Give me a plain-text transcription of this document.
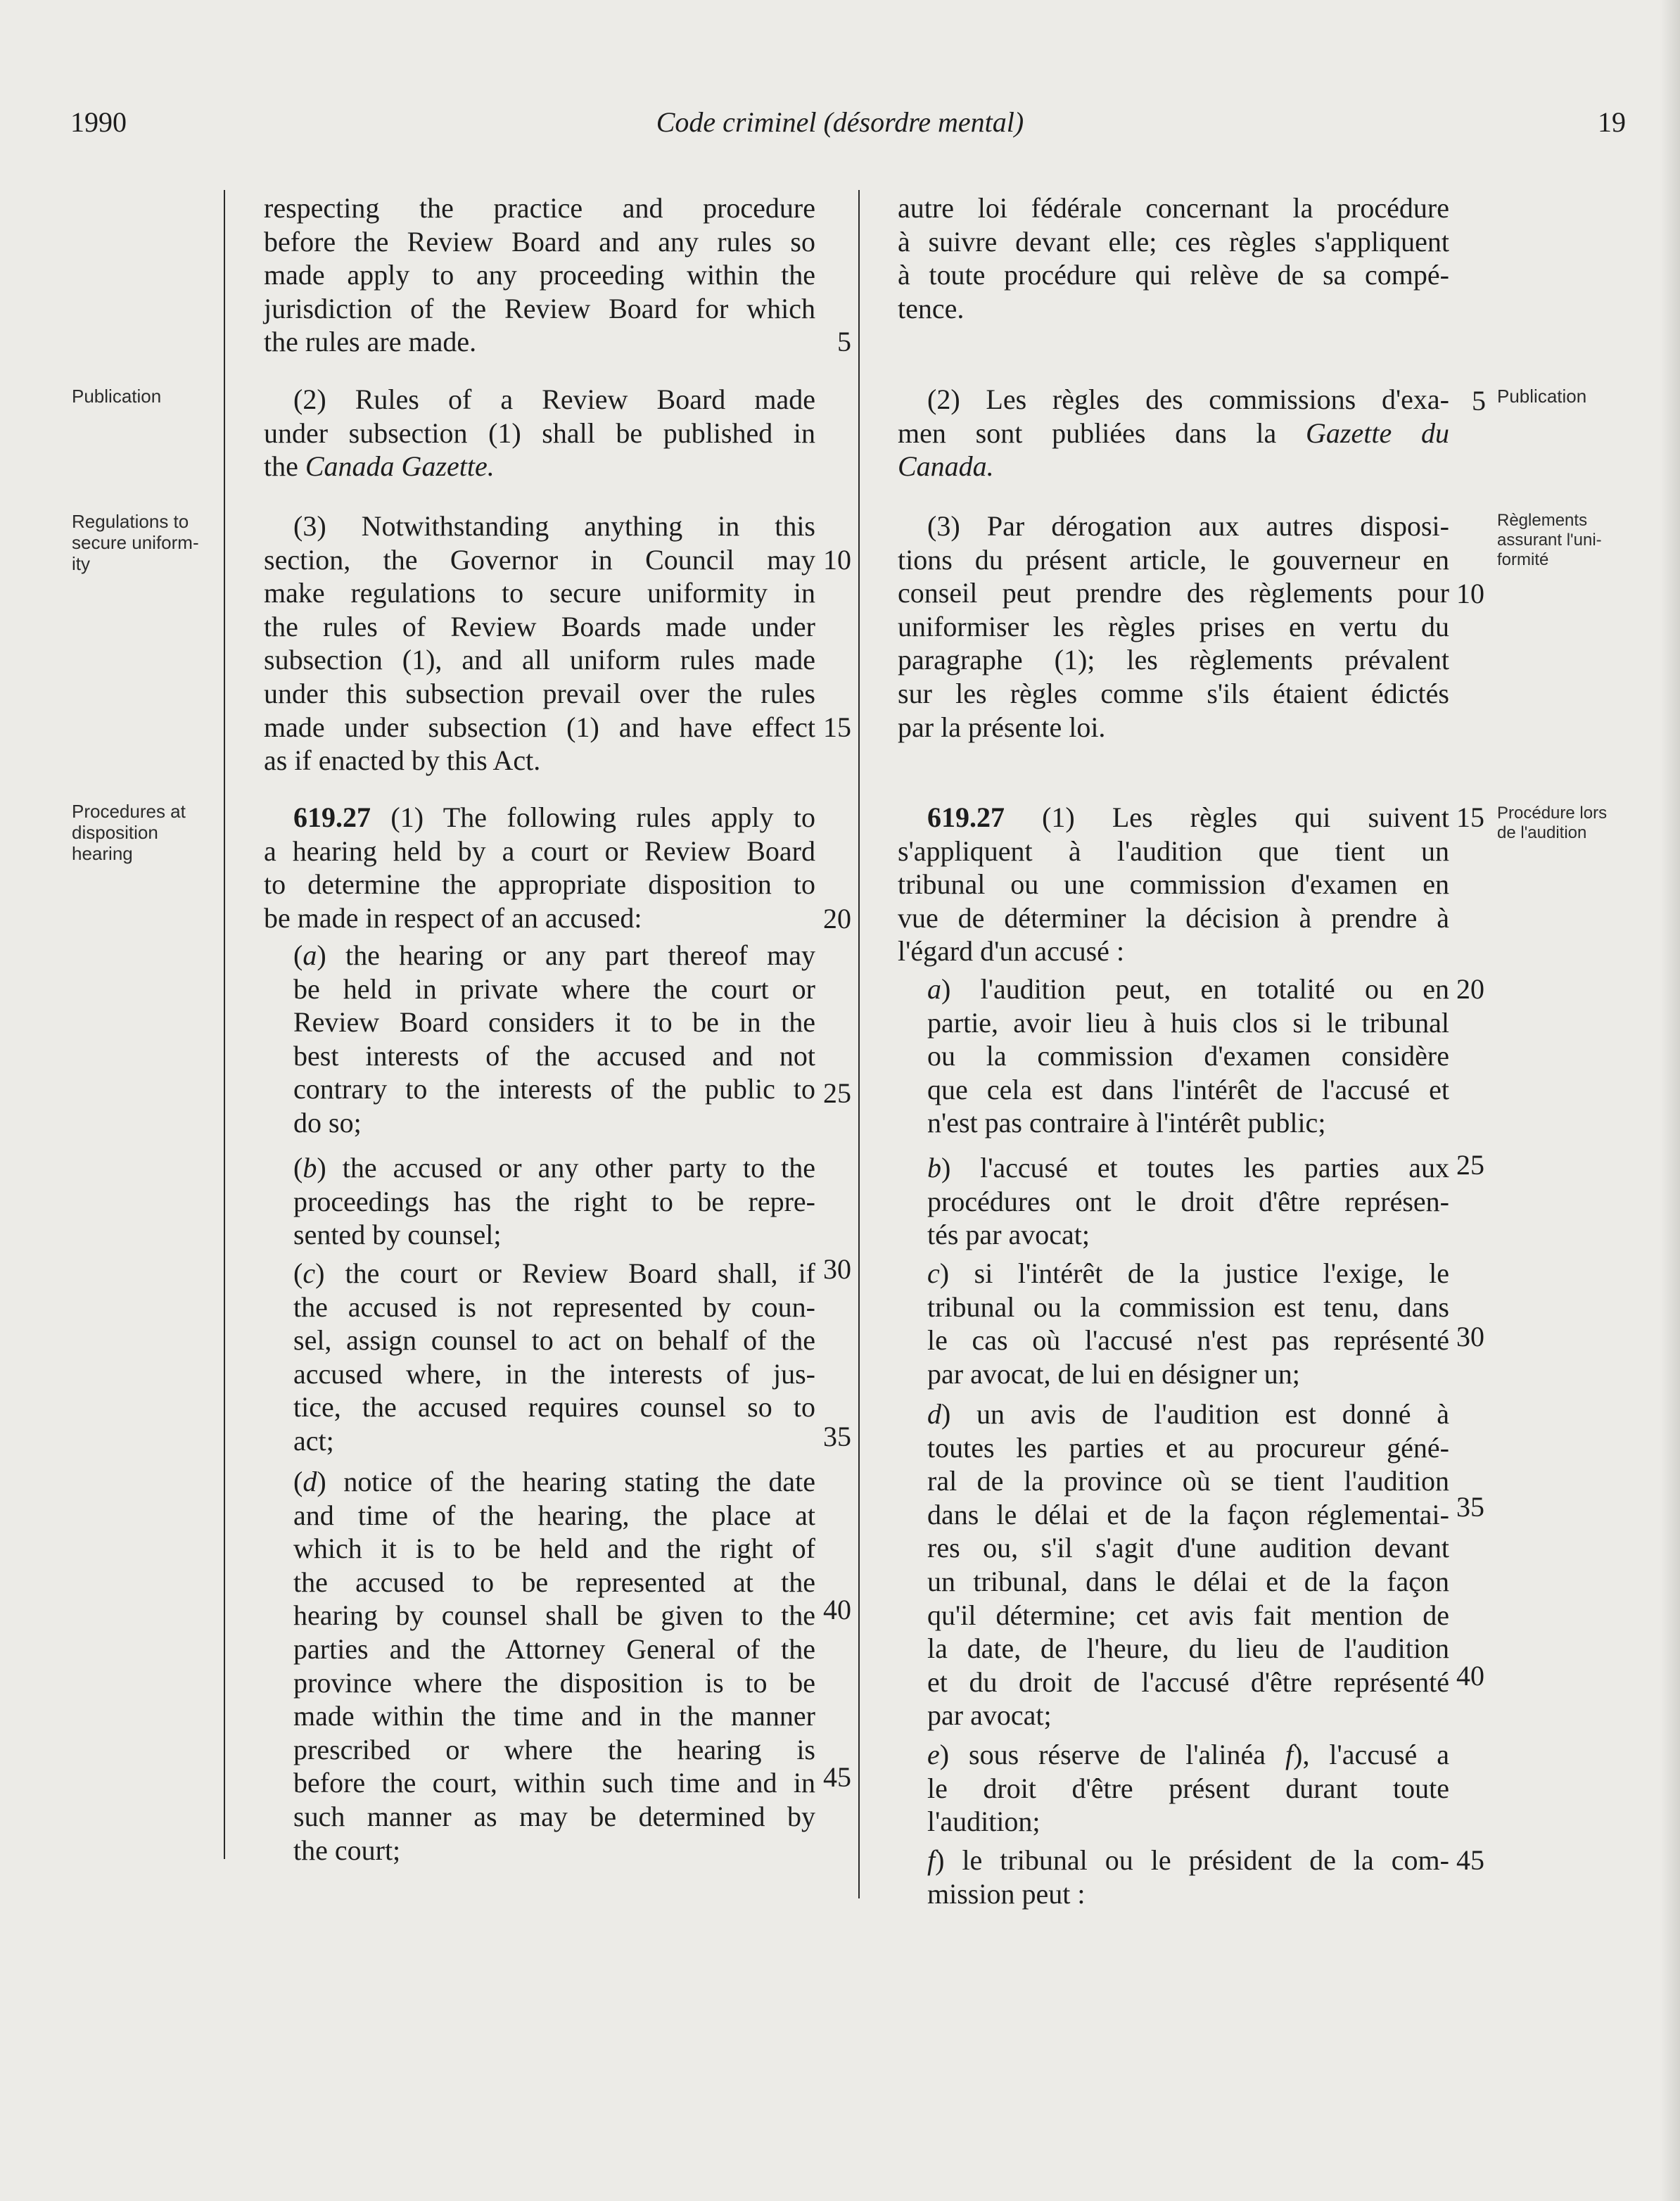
1990	Code criminel (désordre mental)	19
Publication
Regulations to
secure uniform-
ity
Procedures at
disposition
hearing
Publication
Règlements
assurant l'uni-
formité
Procédure lors
de l'audition
respecting the practice and procedure
before the Review Board and any rules so
made apply to any proceeding within the
jurisdiction of the Review Board for which
the rules are made.
(2) Rules of a Review Board made
under subsection (1) shall be published in
the Canada Gazette.
(3) Notwithstanding anything in this
section, the Governor in Council may
make regulations to secure uniformity in
the rules of Review Boards made under
subsection (1), and all uniform rules made
under this subsection prevail over the rules
made under subsection (1) and have effect
as if enacted by this Act.
619.27 (1) The following rules apply to
a hearing held by a court or Review Board
to determine the appropriate disposition to
be made in respect of an accused:
(a) the hearing or any part thereof may
be held in private where the court or
Review Board considers it to be in the
best interests of the accused and not
contrary to the interests of the public to
do so;
(b) the accused or any other party to the
proceedings has the right to be repre-
sented by counsel;
(c) the court or Review Board shall, if
the accused is not represented by coun-
sel, assign counsel to act on behalf of the
accused where, in the interests of jus-
tice, the accused requires counsel so to
act;
(d) notice of the hearing stating the date
and time of the hearing, the place at
which it is to be held and the right of
the accused to be represented at the
hearing by counsel shall be given to the
parties and the Attorney General of the
province where the disposition is to be
made within the time and in the manner
prescribed or where the hearing is
before the court, within such time and in
such manner as may be determined by
the court;
5
10
15
20
25
30
35
40
45
autre loi fédérale concernant la procédure
à suivre devant elle; ces règles s'appliquent
à toute procédure qui relève de sa compé-
tence.
(2) Les règles des commissions d'exa-
men sont publiées dans la Gazette du
Canada.
(3) Par dérogation aux autres disposi-
tions du présent article, le gouverneur en
conseil peut prendre des règlements pour
uniformiser les règles prises en vertu du
paragraphe (1); les règlements prévalent
sur les règles comme s'ils étaient édictés
par la présente loi.
619.27 (1) Les règles qui suivent
s'appliquent à l'audition que tient un
tribunal ou une commission d'examen en
vue de déterminer la décision à prendre à
l'égard d'un accusé :
a) l'audition peut, en totalité ou en
partie, avoir lieu à huis clos si le tribunal
ou la commission d'examen considère
que cela est dans l'intérêt de l'accusé et
n'est pas contraire à l'intérêt public;
b) l'accusé et toutes les parties aux
procédures ont le droit d'être représen-
tés par avocat;
c) si l'intérêt de la justice l'exige, le
tribunal ou la commission est tenu, dans
le cas où l'accusé n'est pas représenté
par avocat, de lui en désigner un;
d) un avis de l'audition est donné à
toutes les parties et au procureur géné-
ral de la province où se tient l'audition
dans le délai et de la façon réglementai-
res ou, s'il s'agit d'une audition devant
un tribunal, dans le délai et de la façon
qu'il détermine; cet avis fait mention de
la date, de l'heure, du lieu de l'audition
et du droit de l'accusé d'être représenté
par avocat;
e) sous réserve de l'alinéa f), l'accusé a
le droit d'être présent durant toute
l'audition;
f) le tribunal ou le président de la com-
mission peut :
5
10
15
20
25
30
35
40
45
